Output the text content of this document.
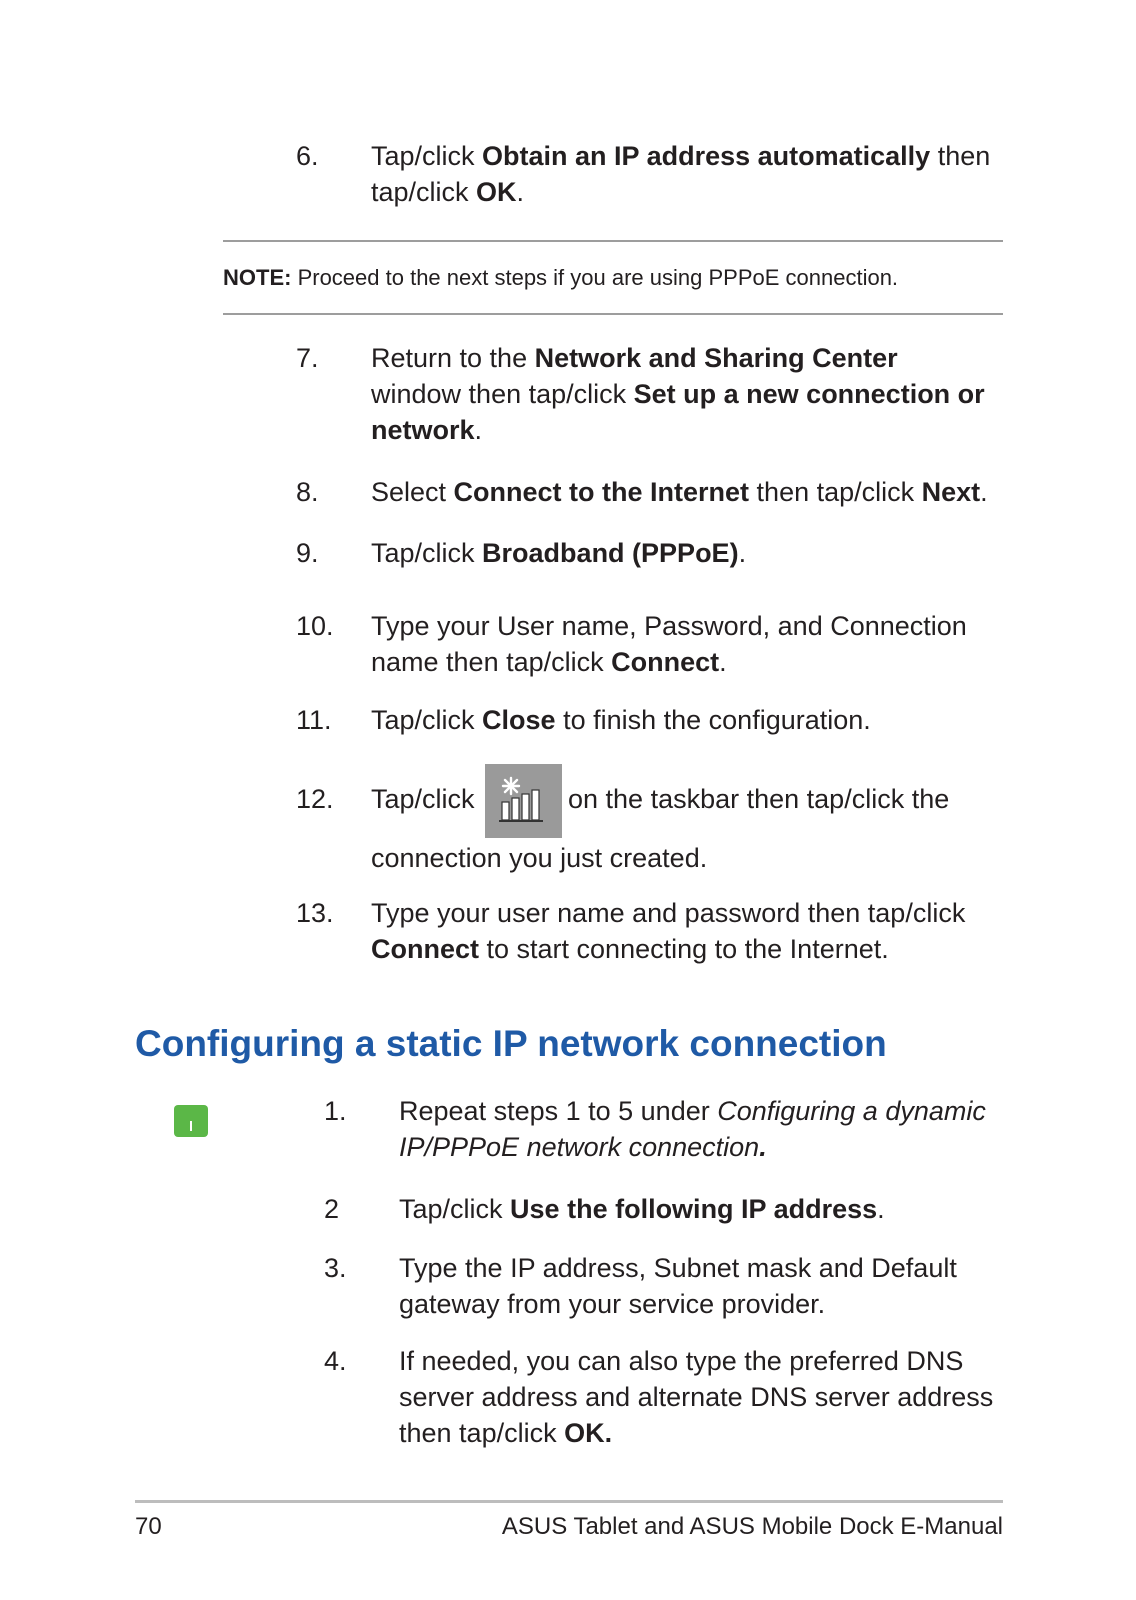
6. Tap/click Obtain an IP address automatically then
tap/click OK.
NOTE: Proceed to the next steps if you are using PPPoE connection.
7. Return to the Network and Sharing Center
window then tap/click Set up a new connection or
network.
8. Select Connect to the Internet then tap/click Next.
9. Tap/click Broadband (PPPoE).
10. Type your User name, Password, and Connection
name then tap/click Connect.
11. Tap/click Close to finish the configuration.
12. Tap/click	on the taskbar then tap/click the
connection you just created.
13. Type your user name and password then tap/click
Connect to start connecting to the Internet.
Configuring a static IP network connection
1. Repeat steps 1 to 5 under Configuring a dynamic
IP/PPPoE network connection.
2 Tap/click Use the following IP address.
3. Type the IP address, Subnet mask and Default
gateway from your service provider.
4. If needed, you can also type the preferred DNS
server address and alternate DNS server address
then tap/click OK.
70	ASUS Tablet and ASUS Mobile Dock E-Manual
